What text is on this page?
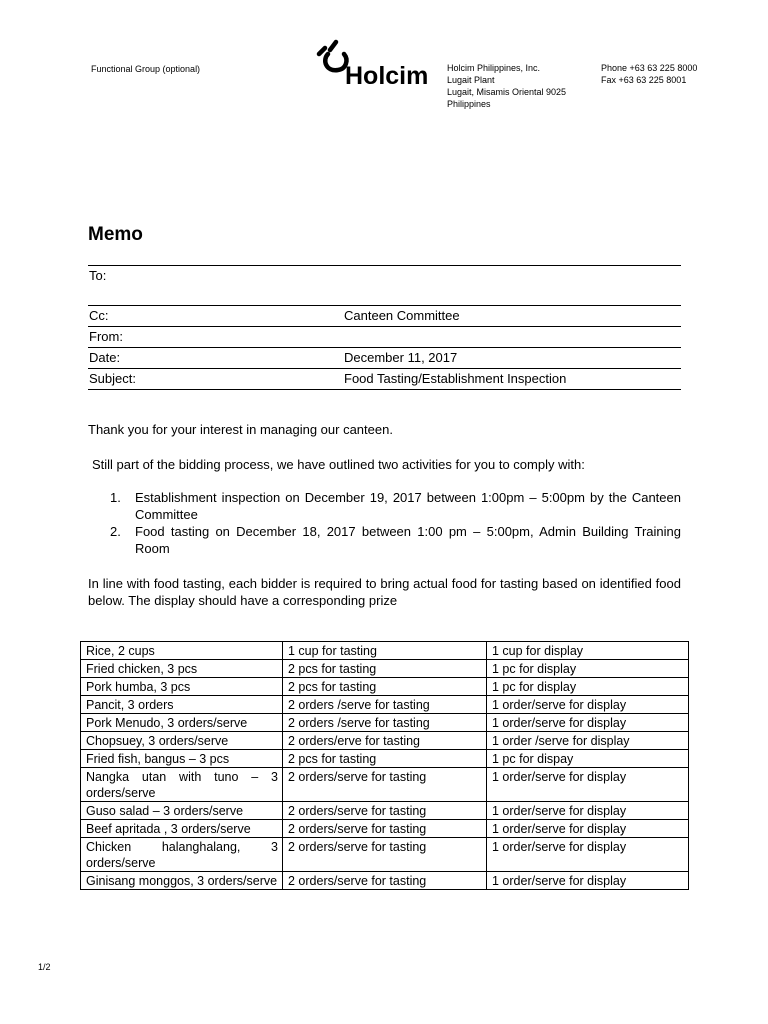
Functional Group (optional)	Holcim Holcim Philippines, Inc.
Lugait Plant
Lugait, Misamis Oriental 9025
Philippines
Phone +63 63 225 8000
Fax +63 63 225 8001
Memo
To:
Cc:	Canteen Committee
From:
Date:	December 11, 2017
Subject:	Food Tasting/Establishment Inspection
Thank you for your interest in managing our canteen.
Still part of the bidding process, we have outlined two activities for you to comply with:
1. Establishment inspection on December 19, 2017 between 1:00pm – 5:00pm by the Canteen Committee
2. Food tasting on December 18, 2017 between 1:00 pm – 5:00pm, Admin Building Training Room
In line with food tasting, each bidder is required to bring actual food for tasting based on identified food below. The display should have a corresponding prize
Rice, 2 cups	1 cup for tasting	1 cup for display
Fried chicken, 3 pcs	2 pcs for tasting	1 pc for display
Pork humba, 3 pcs	2 pcs for tasting	1 pc for display
Pancit, 3 orders	2 orders /serve for tasting	1 order/serve for display
Pork Menudo, 3 orders/serve	2 orders /serve for tasting	1 order/serve for display
Chopsuey, 3 orders/serve	2 orders/erve for tasting	1 order /serve for display
Fried fish, bangus – 3 pcs	2 pcs for tasting	1 pc for dispay
Nangka utan with tuno – 3 orders/serve	2 orders/serve for tasting	1 order/serve for display
Guso salad – 3 orders/serve	2 orders/serve for tasting	1 order/serve for display
Beef apritada , 3 orders/serve	2 orders/serve for tasting	1 order/serve for display
Chicken halanghalang, 3 orders/serve	2 orders/serve for tasting	1 order/serve for display
Ginisang monggos, 3 orders/serve	2 orders/serve for tasting	1 order/serve for display
1/2
